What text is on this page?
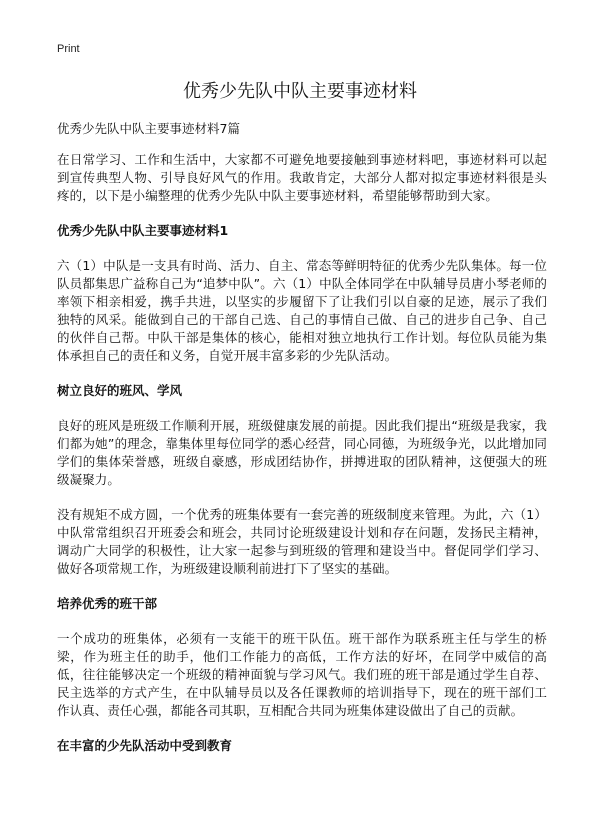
Print
优秀少先队中队主要事迹材料
优秀少先队中队主要事迹材料7篇

在日常学习、工作和生活中，大家都不可避免地要接触到事迹材料吧，事迹材料可以起到宣传典型人物、引导良好风气的作用。我敢肯定，大部分人都对拟定事迹材料很是头疼的，以下是小编整理的优秀少先队中队主要事迹材料，希望能够帮助到大家。

优秀少先队中队主要事迹材料1

六（1）中队是一支具有时尚、活力、自主、常态等鲜明特征的优秀少先队集体。每一位队员都集思广益称自己为“追梦中队”。六（1）中队全体同学在中队辅导员唐小琴老师的率领下相亲相爱，携手共进，以坚实的步履留下了让我们引以自豪的足迹，展示了我们独特的风采。能做到自己的干部自己选、自己的事情自己做、自己的进步自己争、自己的伙伴自己帮。中队干部是集体的核心，能相对独立地执行工作计划。每位队员能为集体承担自己的责任和义务，自觉开展丰富多彩的少先队活动。

树立良好的班风、学风

良好的班风是班级工作顺利开展，班级健康发展的前提。因此我们提出“班级是我家，我们都为她”的理念，靠集体里每位同学的悉心经营，同心同德，为班级争光，以此增加同学们的集体荣誉感，班级自豪感，形成团结协作，拼搏进取的团队精神，这便强大的班级凝聚力。

没有规矩不成方圆，一个优秀的班集体要有一套完善的班级制度来管理。为此，六（1）中队常常组织召开班委会和班会，共同讨论班级建设计划和存在问题，发扬民主精神，调动广大同学的积极性，让大家一起参与到班级的管理和建设当中。督促同学们学习、做好各项常规工作，为班级建设顺利前进打下了坚实的基础。

培养优秀的班干部

一个成功的班集体，必须有一支能干的班干队伍。班干部作为联系班主任与学生的桥梁，作为班主任的助手，他们工作能力的高低，工作方法的好坏，在同学中威信的高低，往往能够决定一个班级的精神面貌与学习风气。我们班的班干部是通过学生自荐、民主选举的方式产生，在中队辅导员以及各任课教师的培训指导下，现在的班干部们工作认真、责任心强，都能各司其职，互相配合共同为班集体建设做出了自己的贡献。

在丰富的少先队活动中受到教育
